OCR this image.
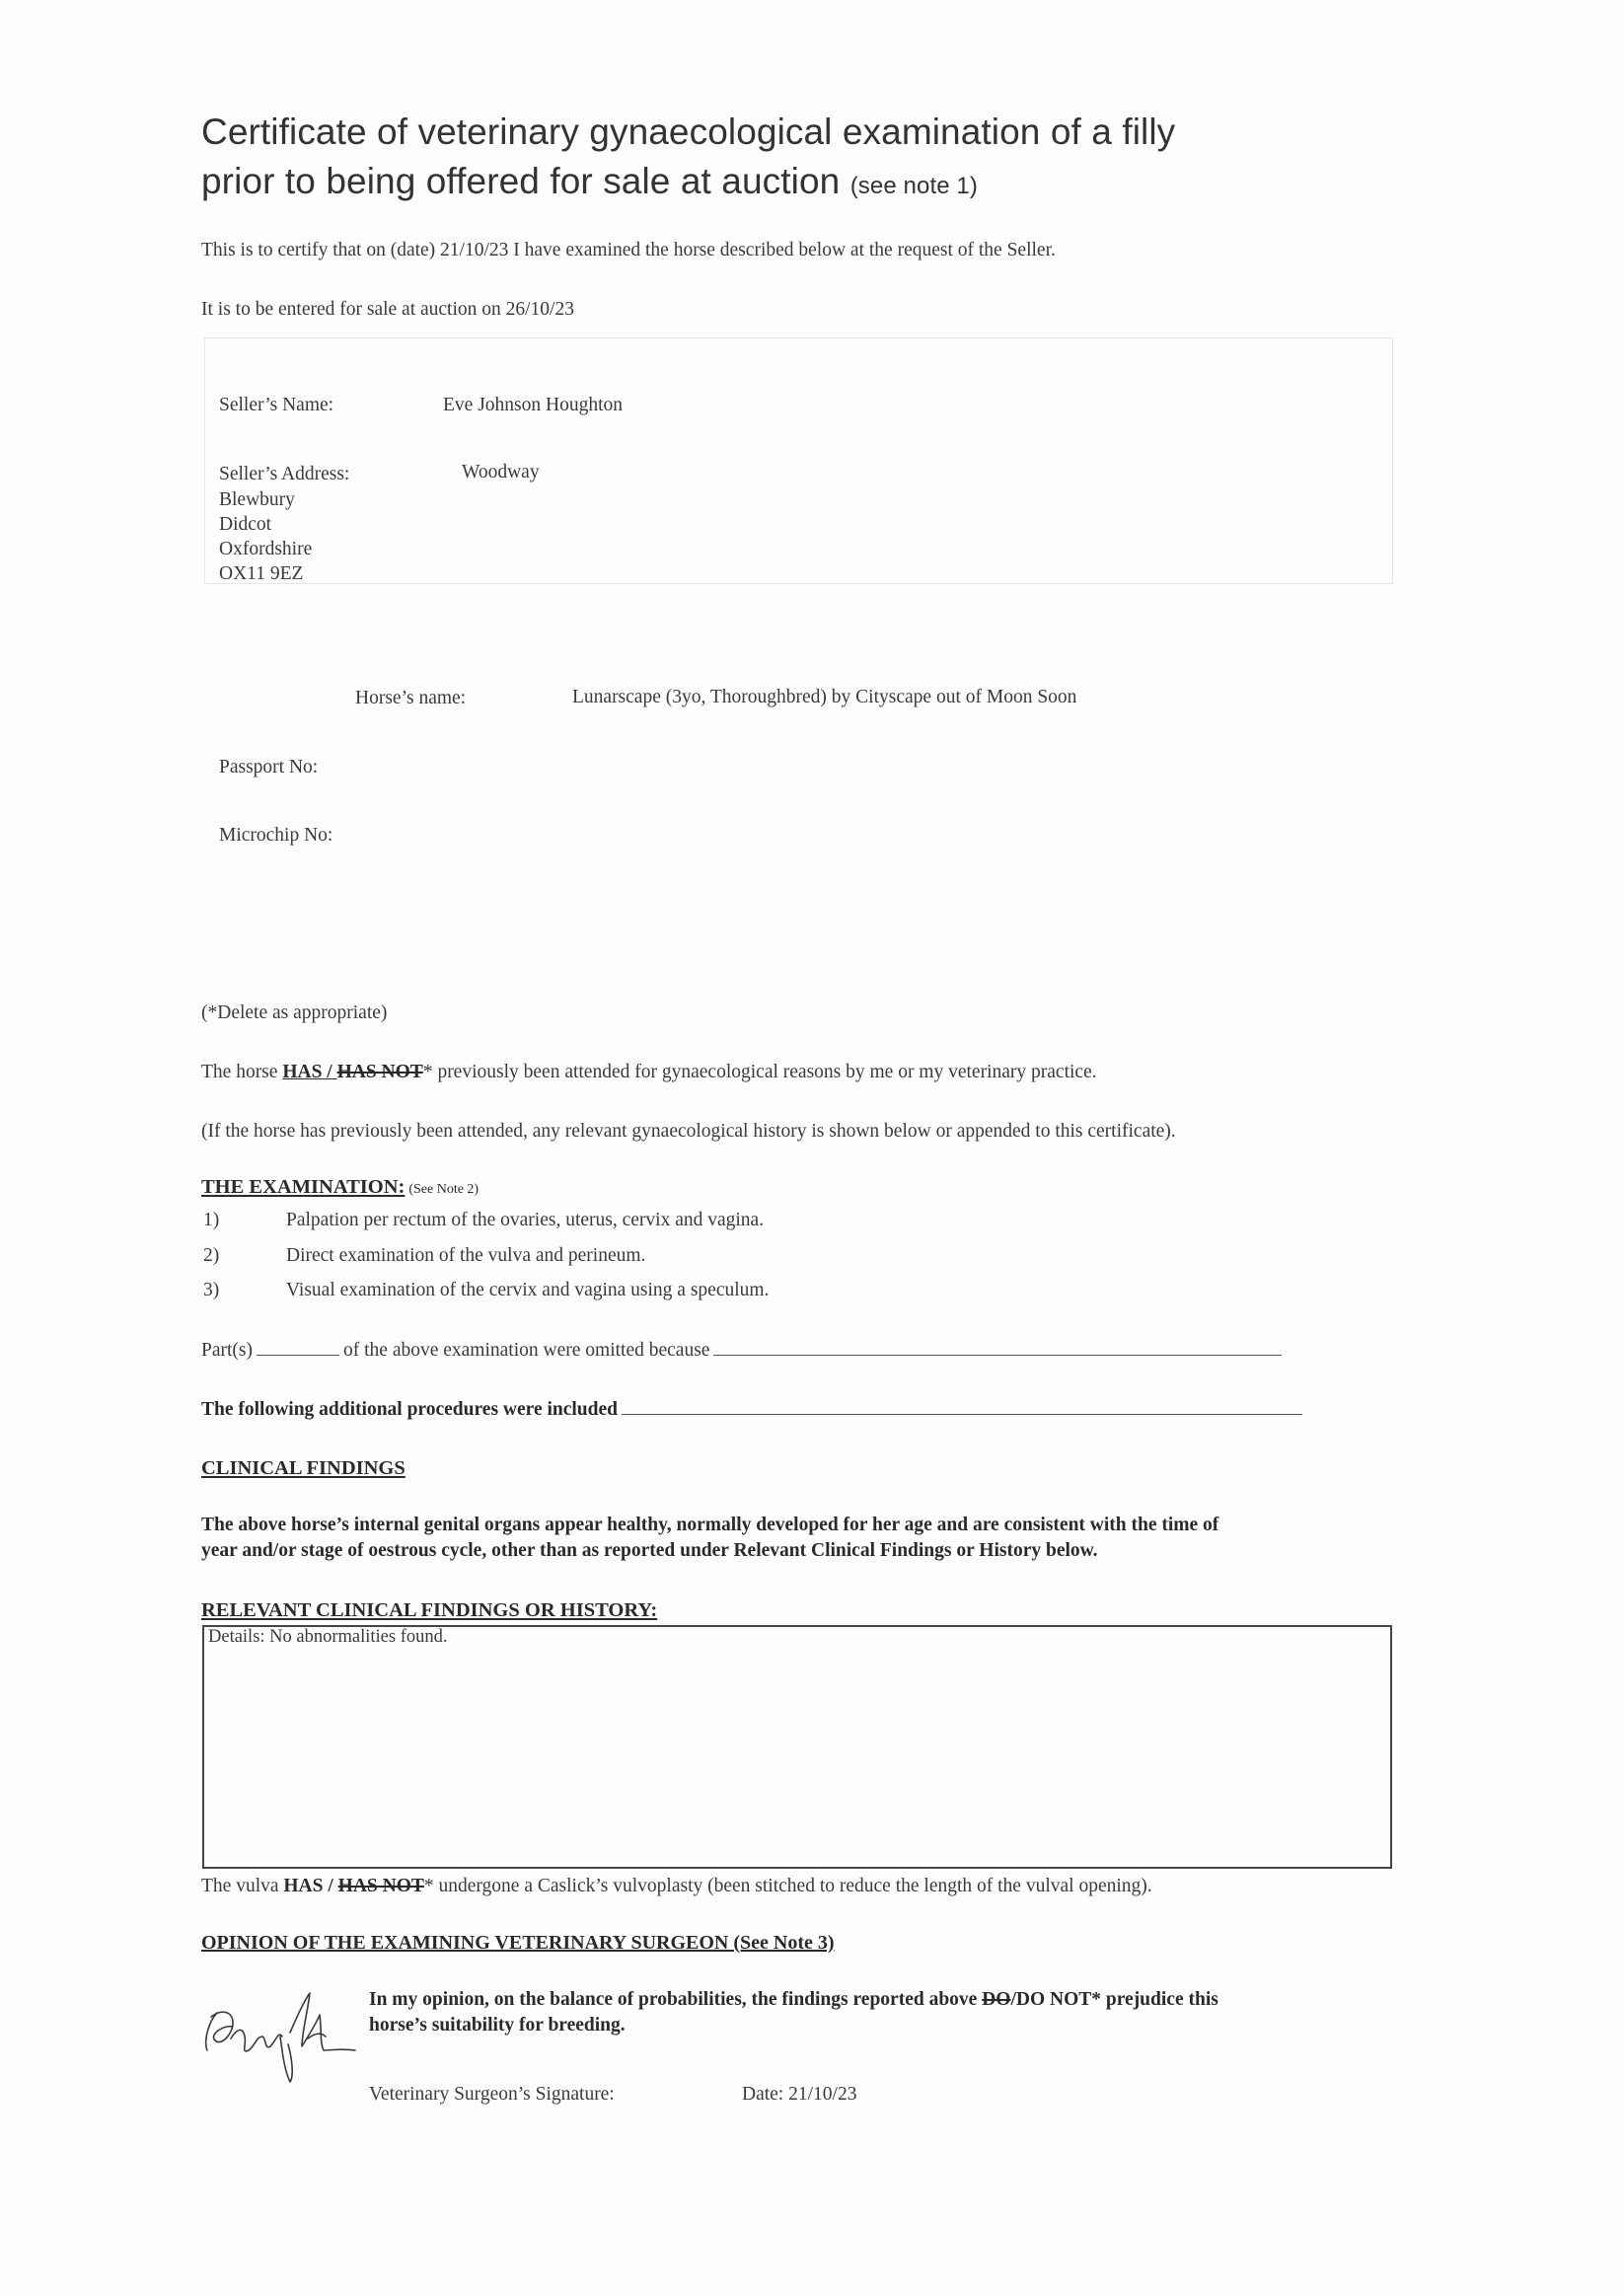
Certificate of veterinary gynaecological examination of a filly
prior to being offered for sale at auction (see note 1)
This is to certify that on (date) 21/10/23 I have examined the horse described below at the request of the Seller.
It is to be entered for sale at auction on 26/10/23
Seller’s Name:	Eve Johnson Houghton
Seller’s Address:	Woodway
Blewbury
Didcot
Oxfordshire
OX11 9EZ
Horse’s name:	Lunarscape (3yo, Thoroughbred) by Cityscape out of Moon Soon
Passport No:
Microchip No:
(*Delete as appropriate)
The horse HAS / HAS NOT* previously been attended for gynaecological reasons by me or my veterinary practice.
(If the horse has previously been attended, any relevant gynaecological history is shown below or appended to this certificate).
THE EXAMINATION: (See Note 2)
1)	Palpation per rectum of the ovaries, uterus, cervix and vagina.
2)	Direct examination of the vulva and perineum.
3)	Visual examination of the cervix and vagina using a speculum.
Part(s)	of the above examination were omitted because
The following additional procedures were included
CLINICAL FINDINGS
The above horse’s internal genital organs appear healthy, normally developed for her age and are consistent with the time of
year and/or stage of oestrous cycle, other than as reported under Relevant Clinical Findings or History below.
RELEVANT CLINICAL FINDINGS OR HISTORY:
Details: No abnormalities found.
The vulva HAS / HAS NOT* undergone a Caslick’s vulvoplasty (been stitched to reduce the length of the vulval opening).
OPINION OF THE EXAMINING VETERINARY SURGEON (See Note 3)
In my opinion, on the balance of probabilities, the findings reported above DO/DO NOT* prejudice this
horse’s suitability for breeding.
Veterinary Surgeon’s Signature:	Date: 21/10/23
